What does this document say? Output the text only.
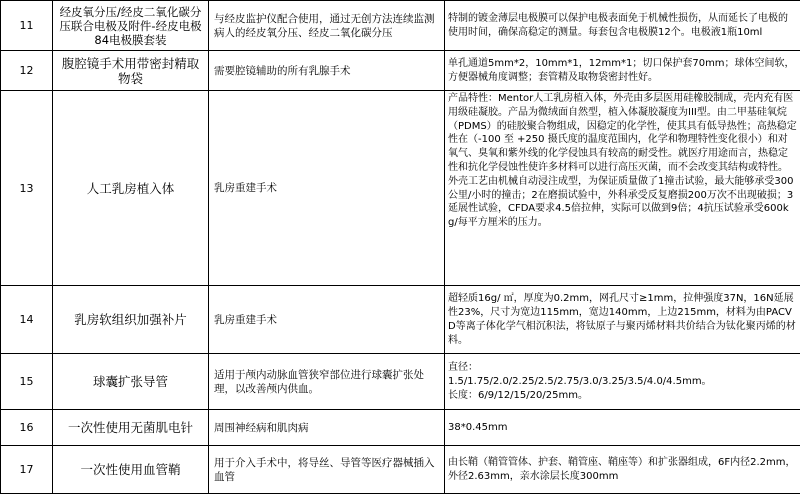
11	经皮氧分压/经皮二氧化碳分压联合电极及附件-经皮电极84电极膜套装	与经皮监护仪配合使用，通过无创方法连续监测病人的经皮氧分压、经皮二氧化碳分压	特制的镀金薄层电极膜可以保护电极表面免于机械性损伤，从而延长了电极的使用时间，确保高稳定的测量。每套包含电极膜12个。电极液1瓶10ml

12	腹腔镜手术用带密封精取物袋	需要腔镜辅助的所有乳腺手术	单孔通道5mm*2，10mm*1，12mm*1；切口保护套70mm；球体空间软，方便器械角度调整；套管精及取物袋密封性好。

13	人工乳房植入体	乳房重建手术	产品特性：Mentor人工乳房植入体，外壳由多层医用硅橡胶制成，壳内充有医用级硅凝胶。产品为微绒面自然型，植入体凝胶凝度为III型。由二甲基硅氧烷（PDMS）的硅胶聚合物组成，因稳定的化学性，使其具有低导热性；高热稳定性在（-100 至 +250 摄氏度的温度范围内，化学和物理特性变化很小）和对氧气、臭氧和紫外线的化学侵蚀具有较高的耐受性。就医疗用途而言，热稳定性和抗化学侵蚀性使许多材料可以进行高压灭菌，而不会改变其结构或特性。

外壳工艺由机械自动浸注成型，为保证质量做了1撞击试验，最大能够承受300公里/小时的撞击；2在磨损试验中，外科承受反复磨损200万次不出现破损；3延展性试验，CFDA要求4.5倍拉伸，实际可以做到9倍；4抗压试验承受600kg/每平方厘米的压力。

14	乳房软组织加强补片	乳房重建手术	超轻质16g/ ㎡，厚度为0.2mm，网孔尺寸≥1mm，拉伸强度37N，16N延展性23%，尺寸为宽边115mm，宽边140mm，上边215mm，材料为由PACVD等离子体化学气相沉积法，将钛原子与聚丙烯材料共价结合为钛化聚丙烯的材料。

15	球囊扩张导管	适用于颅内动脉血管狭窄部位进行球囊扩张处理，以改善颅内供血。	直径：

1.5/1.75/2.0/2.25/2.5/2.75/3.0/3.25/3.5/4.0/4.5mm。

长度：6/9/12/15/20/25mm。

16	一次性使用无菌肌电针	周围神经病和肌肉病	38*0.45mm

17	一次性使用血管鞘	用于介入手术中，将导丝、导管等医疗器械插入血管	由长鞘（鞘管管体、护套、鞘管座、鞘座等）和扩张器组成，6F内径2.2mm，外径2.63mm，亲水涂层长度300mm
